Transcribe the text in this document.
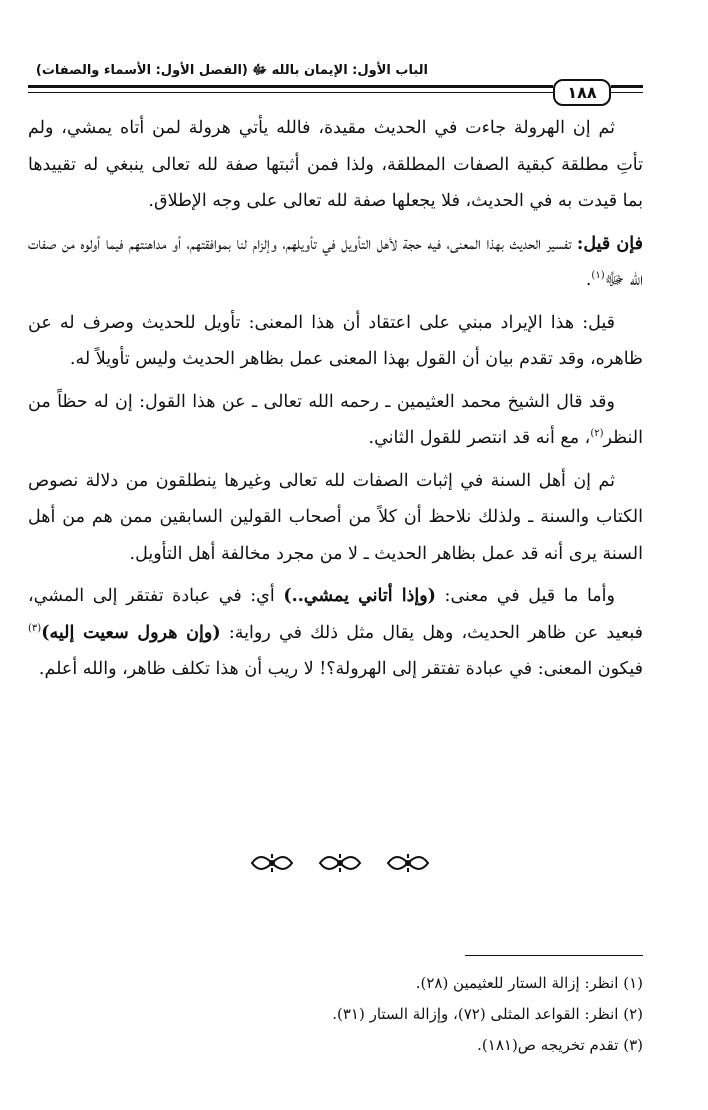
الباب الأول: الإيمان بالله ﷻ (الفصل الأول: الأسماء والصفات)
١٨٨

ثم إن الهرولة جاءت في الحديث مقيدة، فالله يأتي هرولة لمن أتاه يمشي، ولم تأتِ مطلقة كبقية الصفات المطلقة، ولذا فمن أثبتها صفة لله تعالى ينبغي له تقييدها بما قيدت به في الحديث، فلا يجعلها صفة لله تعالى على وجه الإطلاق.

فإن قيل: تفسير الحديث بهذا المعنى، فيه حجة لأهل التأويل في تأويلهم، وإلزام لنا بموافقتهم، أو مداهنتهم فيما أولوه من صفات الله ﷻ$^{(١)}$.

قيل: هذا الإيراد مبني على اعتقاد أن هذا المعنى: تأويل للحديث وصرف له عن ظاهره، وقد تقدم بيان أن القول بهذا المعنى عمل بظاهر الحديث وليس تأويلاً له.

وقد قال الشيخ محمد العثيمين ـ رحمه الله تعالى ـ عن هذا القول: إن له حظاً من النظر$^{(٢)}$، مع أنه قد انتصر للقول الثاني.

ثم إن أهل السنة في إثبات الصفات لله تعالى وغيرها ينطلقون من دلالة نصوص الكتاب والسنة ـ ولذلك نلاحظ أن كلاً من أصحاب القولين السابقين ممن هم من أهل السنة يرى أنه قد عمل بظاهر الحديث ـ لا من مجرد مخالفة أهل التأويل.

وأما ما قيل في معنى: (وإذا أتاني يمشي..) أي: في عبادة تفتقر إلى المشي، فبعيد عن ظاهر الحديث، وهل يقال مثل ذلك في رواية: (وإن هرول سعيت إليه)$^{(٣)}$ فيكون المعنى: في عبادة تفتقر إلى الهرولة؟! لا ريب أن هذا تكلف ظاهر، والله أعلم.

(١) انظر: إزالة الستار للعثيمين (٢٨).
(٢) انظر: القواعد المثلى (٧٢)، وإزالة الستار (٣١).
(٣) تقدم تخريجه ص(١٨١).
